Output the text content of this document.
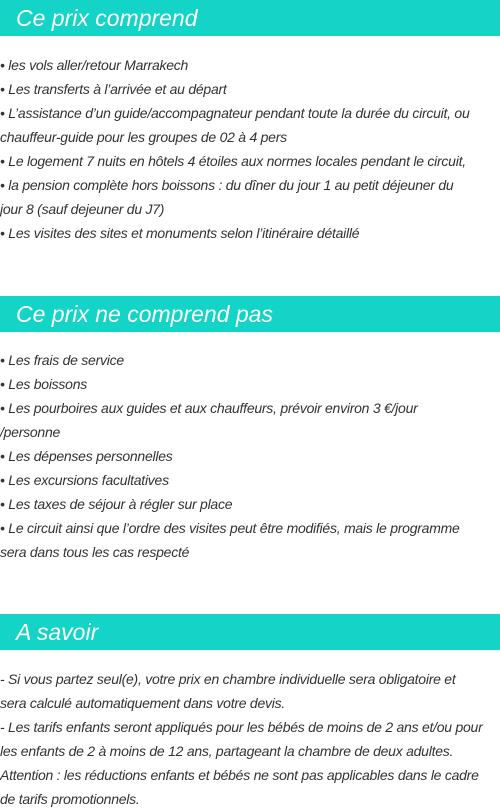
Ce prix comprend
• les vols aller/retour Marrakech
• Les transferts à l’arrivée et au départ
• L’assistance d’un guide/accompagnateur pendant toute la durée du circuit, ou
chauffeur-guide pour les groupes de 02 à 4 pers
• Le logement 7 nuits en hôtels 4 étoiles aux normes locales pendant le circuit,
• la pension complète hors boissons : du dîner du jour 1 au petit déjeuner du
jour 8 (sauf dejeuner du J7)
• Les visites des sites et monuments selon l’itinéraire détaillé
Ce prix ne comprend pas
• Les frais de service
• Les boissons
• Les pourboires aux guides et aux chauffeurs, prévoir environ 3 €/jour
/personne
• Les dépenses personnelles
• Les excursions facultatives
• Les taxes de séjour à régler sur place
• Le circuit ainsi que l’ordre des visites peut être modifiés, mais le programme
sera dans tous les cas respecté
A savoir
- Si vous partez seul(e), votre prix en chambre individuelle sera obligatoire et
sera calculé automatiquement dans votre devis.
- Les tarifs enfants seront appliqués pour les bébés de moins de 2 ans et/ou pour
les enfants de 2 à moins de 12 ans, partageant la chambre de deux adultes.
Attention : les réductions enfants et bébés ne sont pas applicables dans le cadre
de tarifs promotionnels.
